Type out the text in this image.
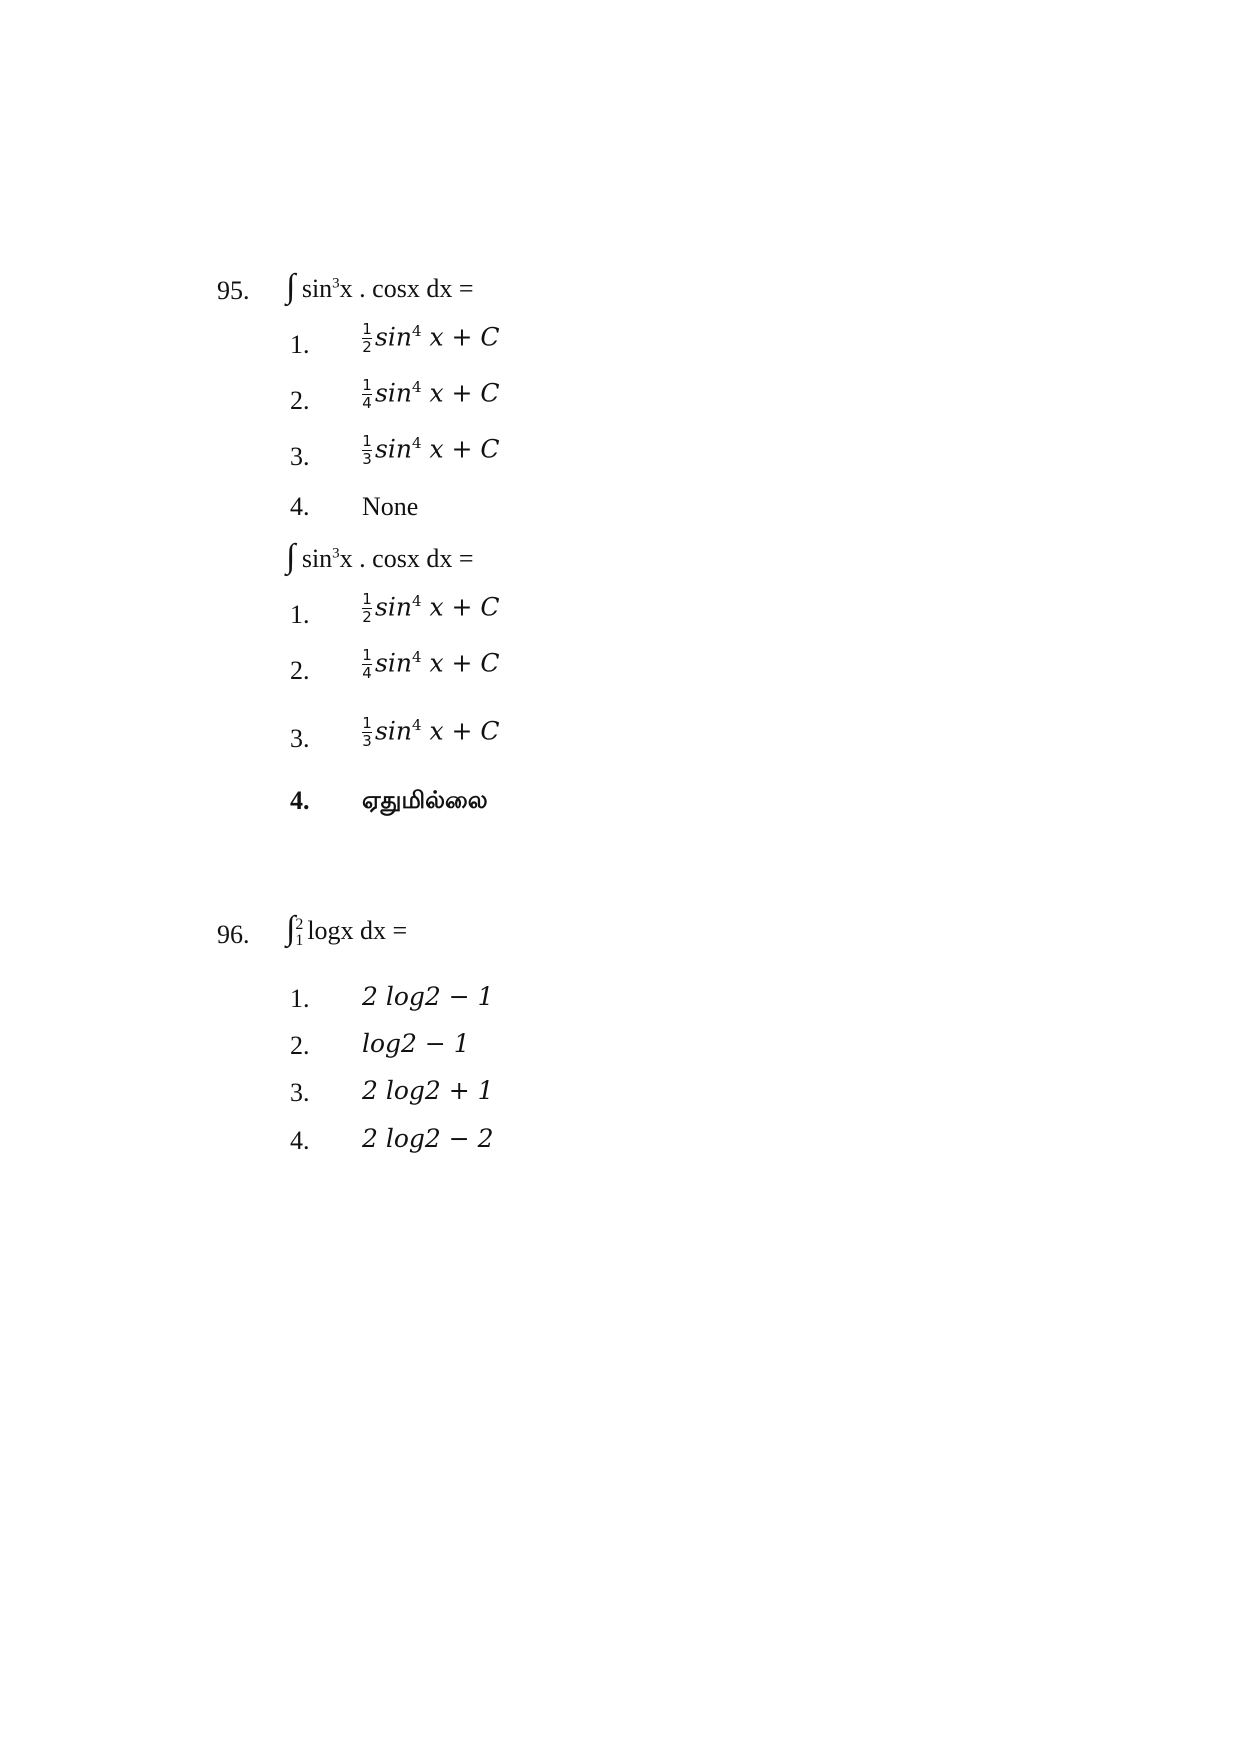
95. ∫ $\sin^3x$ . cosx dx =
1.	$\frac{1}{2} \sin^4 x + C$
2.	$\frac{1}{4} \sin^4 x + C$
3.	$\frac{1}{3} \sin^4 x + C$
4. None
∫ $\sin^3x$ . cosx dx =
1.	$\frac{1}{2} \sin^4 x + C$
2.	$\frac{1}{4} \sin^4 x + C$
3.	$\frac{1}{3} \sin^4 x + C$
4. ஏதுமில்லை
96. ∫ 2
1 logx dx =
1. 2 log2 − 1
2. log2 − 1
3. 2 log2 + 1
4. 2 log2 − 2
